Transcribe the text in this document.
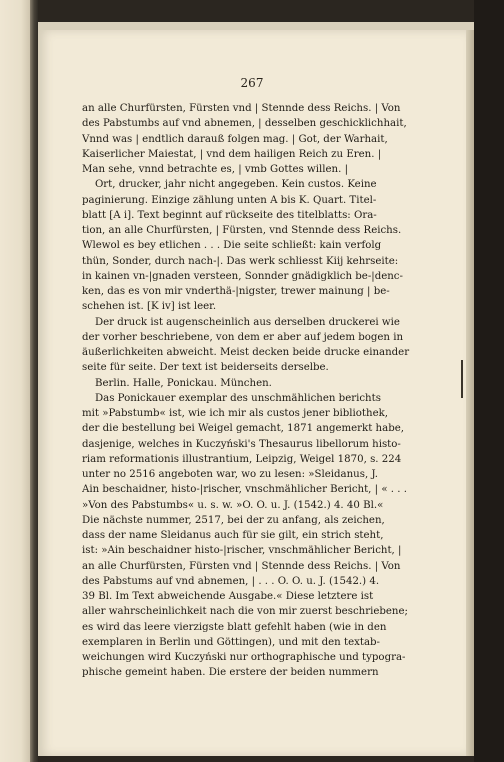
267
an alle Churfürsten, Fürsten vnd | Stennde dess Reichs. | Von
des Pabstumbs auf vnd abnemen, | desselben geschicklichhait,
Vnnd was | endtlich darauß folgen mag. | Got, der Warhait,
Kaiserlicher Maiestat, | vnd dem hailigen Reich zu Eren. |
Man sehe, vnnd betrachte es, | vmb Gottes willen. |
Ort, drucker, jahr nicht angegeben. Kein custos. Keine
paginierung. Einzige zählung unten A bis K. Quart. Titel-
blatt [A i]. Text beginnt auf rückseite des titelblatts: Ora-
tion, an alle Churfürsten, | Fürsten, vnd Stennde dess Reichs.
Wlewol es bey etlichen . . . Die seite schließt: kain verfolg
thün, Sonder, durch nach-|. Das werk schliesst Kiij kehrseite:
in kainen vn-|gnaden versteen, Sonnder gnädigklich be-|denc-
ken, das es von mir vnderthä-|nigster, trewer mainung | be-
schehen ist. [K iv] ist leer.
Der druck ist augenscheinlich aus derselben druckerei wie
der vorher beschriebene, von dem er aber auf jedem bogen in
äußerlichkeiten abweicht. Meist decken beide drucke einander
seite für seite. Der text ist beiderseits derselbe.
Berlin. Halle, Ponickau. München.
Das Ponickauer exemplar des unschmählichen berichts
mit »Pabstumb« ist, wie ich mir als custos jener bibliothek,
der die bestellung bei Weigel gemacht, 1871 angemerkt habe,
dasjenige, welches in Kuczyński's Thesaurus libellorum histo-
riam reformationis illustrantium, Leipzig, Weigel 1870, s. 224
unter no 2516 angeboten war, wo zu lesen: »Sleidanus, J.
Ain beschaidner, histo-|rischer, vnschmählicher Bericht, | « . . .
»Von des Pabstumbs« u. s. w. »O. O. u. J. (1542.) 4. 40 Bl.«
Die nächste nummer, 2517, bei der zu anfang, als zeichen,
dass der name Sleidanus auch für sie gilt, ein strich steht,
ist: »Ain beschaidner histo-|rischer, vnschmählicher Bericht, |
an alle Churfürsten, Fürsten vnd | Stennde dess Reichs. | Von
des Pabstums auf vnd abnemen, | . . . O. O. u. J. (1542.) 4.
39 Bl. Im Text abweichende Ausgabe.« Diese letztere ist
aller wahrscheinlichkeit nach die von mir zuerst beschriebene;
es wird das leere vierzigste blatt gefehlt haben (wie in den
exemplaren in Berlin und Göttingen), und mit den textab-
weichungen wird Kuczyński nur orthographische und typogra-
phische gemeint haben. Die erstere der beiden nummern
